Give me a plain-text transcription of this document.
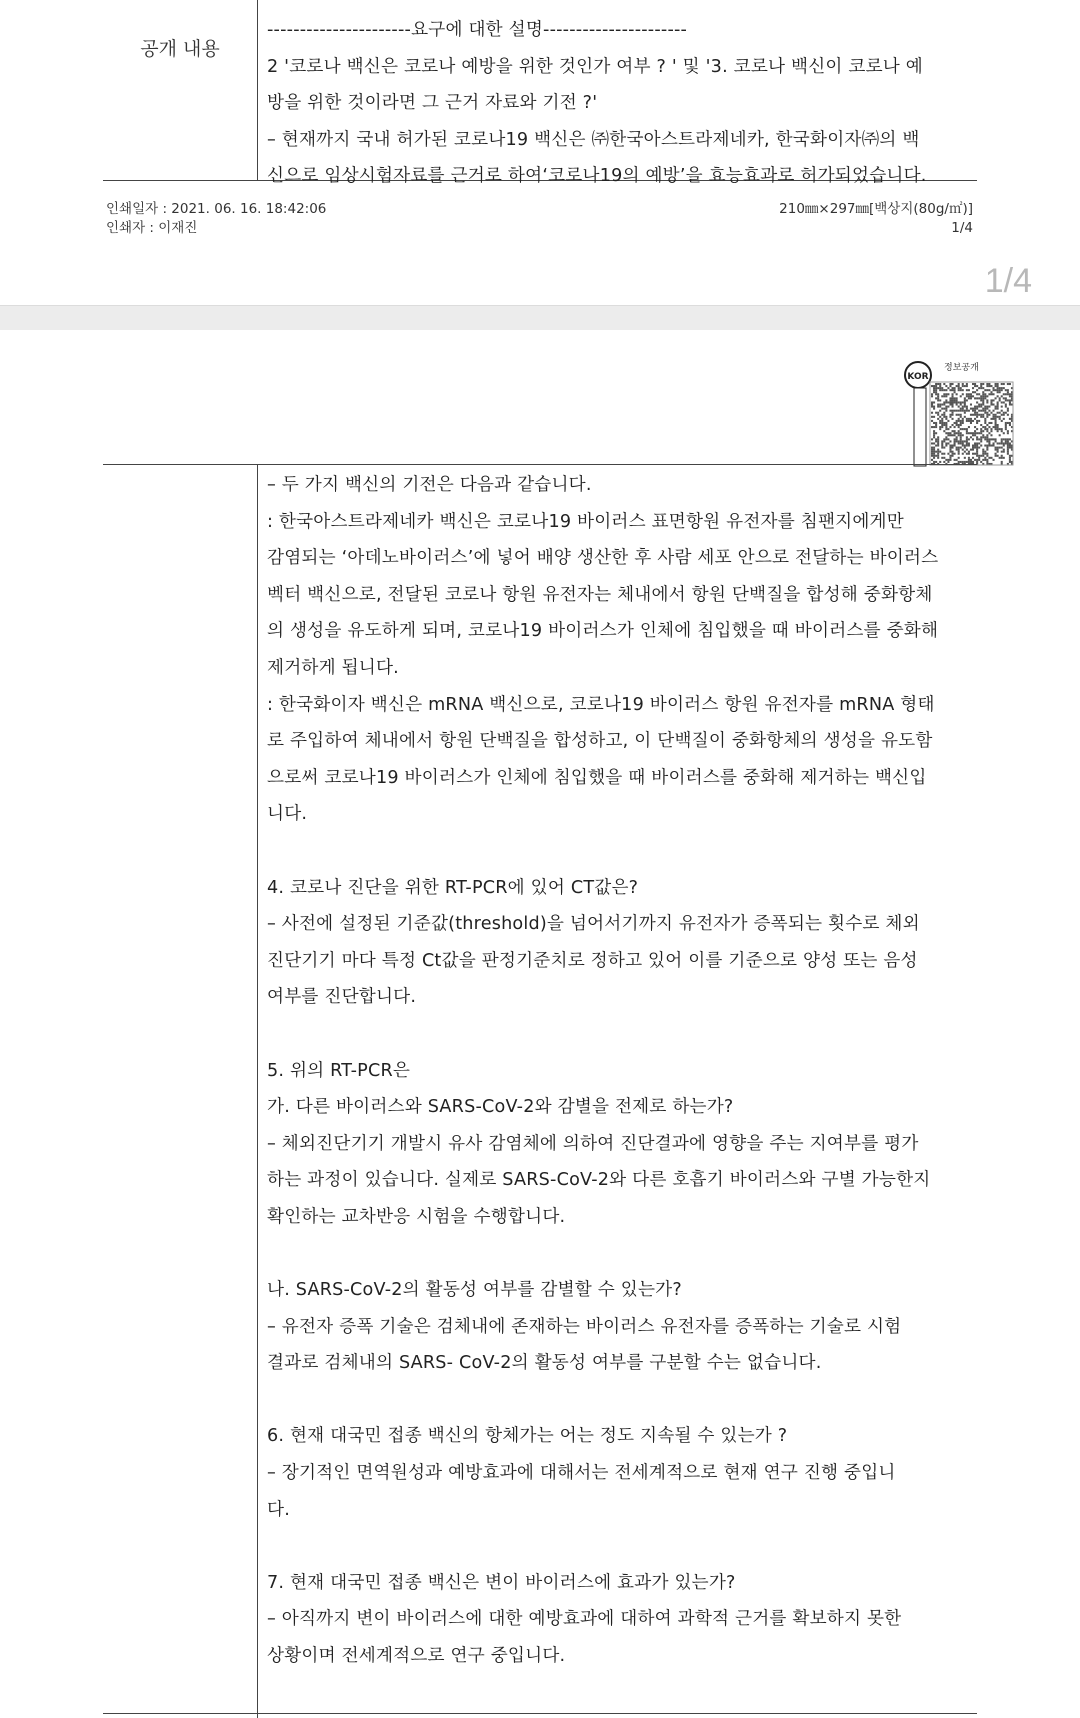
공개 내용
----------------------요구에 대한 설명----------------------
2 '코로나 백신은 코로나 예방을 위한 것인가 여부 ? ' 및 '3. 코로나 백신이 코로나 예
방을 위한 것이라면 그 근거 자료와 기전 ?'
– 현재까지 국내 허가된 코로나19 백신은 ㈜한국아스트라제네카, 한국화이자㈜의 백
신으로 임상시험자료를 근거로 하여‘코로나19의 예방’을 효능효과로 허가되었습니다.
인쇄일자 : 2021. 06. 16. 18:42:06
인쇄자 : 이재진
210㎜×297㎜[백상지(80g/㎡)]
1/4
1/4
KOR
정보공개
– 두 가지 백신의 기전은 다음과 같습니다.
: 한국아스트라제네카 백신은 코로나19 바이러스 표면항원 유전자를 침팬지에게만
감염되는 ‘아데노바이러스’에 넣어 배양 생산한 후 사람 세포 안으로 전달하는 바이러스
벡터 백신으로, 전달된 코로나 항원 유전자는 체내에서 항원 단백질을 합성해 중화항체
의 생성을 유도하게 되며, 코로나19 바이러스가 인체에 침입했을 때 바이러스를 중화해
제거하게 됩니다.
: 한국화이자 백신은 mRNA 백신으로, 코로나19 바이러스 항원 유전자를 mRNA 형태
로 주입하여 체내에서 항원 단백질을 합성하고, 이 단백질이 중화항체의 생성을 유도함
으로써 코로나19 바이러스가 인체에 침입했을 때 바이러스를 중화해 제거하는 백신입
니다.

4. 코로나 진단을 위한 RT-PCR에 있어 CT값은?
– 사전에 설정된 기준값(threshold)을 넘어서기까지 유전자가 증폭되는 횟수로 체외
진단기기 마다 특정 Ct값을 판정기준치로 정하고 있어 이를 기준으로 양성 또는 음성
여부를 진단합니다.

5. 위의 RT-PCR은
가. 다른 바이러스와 SARS-CoV-2와 감별을 전제로 하는가?
– 체외진단기기 개발시 유사 감염체에 의하여 진단결과에 영향을 주는 지여부를 평가
하는 과정이 있습니다. 실제로 SARS-CoV-2와 다른 호흡기 바이러스와 구별 가능한지
확인하는 교차반응 시험을 수행합니다.

나. SARS-CoV-2의 활동성 여부를 감별할 수 있는가?
– 유전자 증폭 기술은 검체내에 존재하는 바이러스 유전자를 증폭하는 기술로 시험
결과로 검체내의 SARS- CoV-2의 활동성 여부를 구분할 수는 없습니다.

6. 현재 대국민 접종 백신의 항체가는 어는 정도 지속될 수 있는가 ?
– 장기적인 면역원성과 예방효과에 대해서는 전세계적으로 현재 연구 진행 중입니
다.

7. 현재 대국민 접종 백신은 변이 바이러스에 효과가 있는가?
– 아직까지 변이 바이러스에 대한 예방효과에 대하여 과학적 근거를 확보하지 못한
상황이며 전세계적으로 연구 중입니다.
